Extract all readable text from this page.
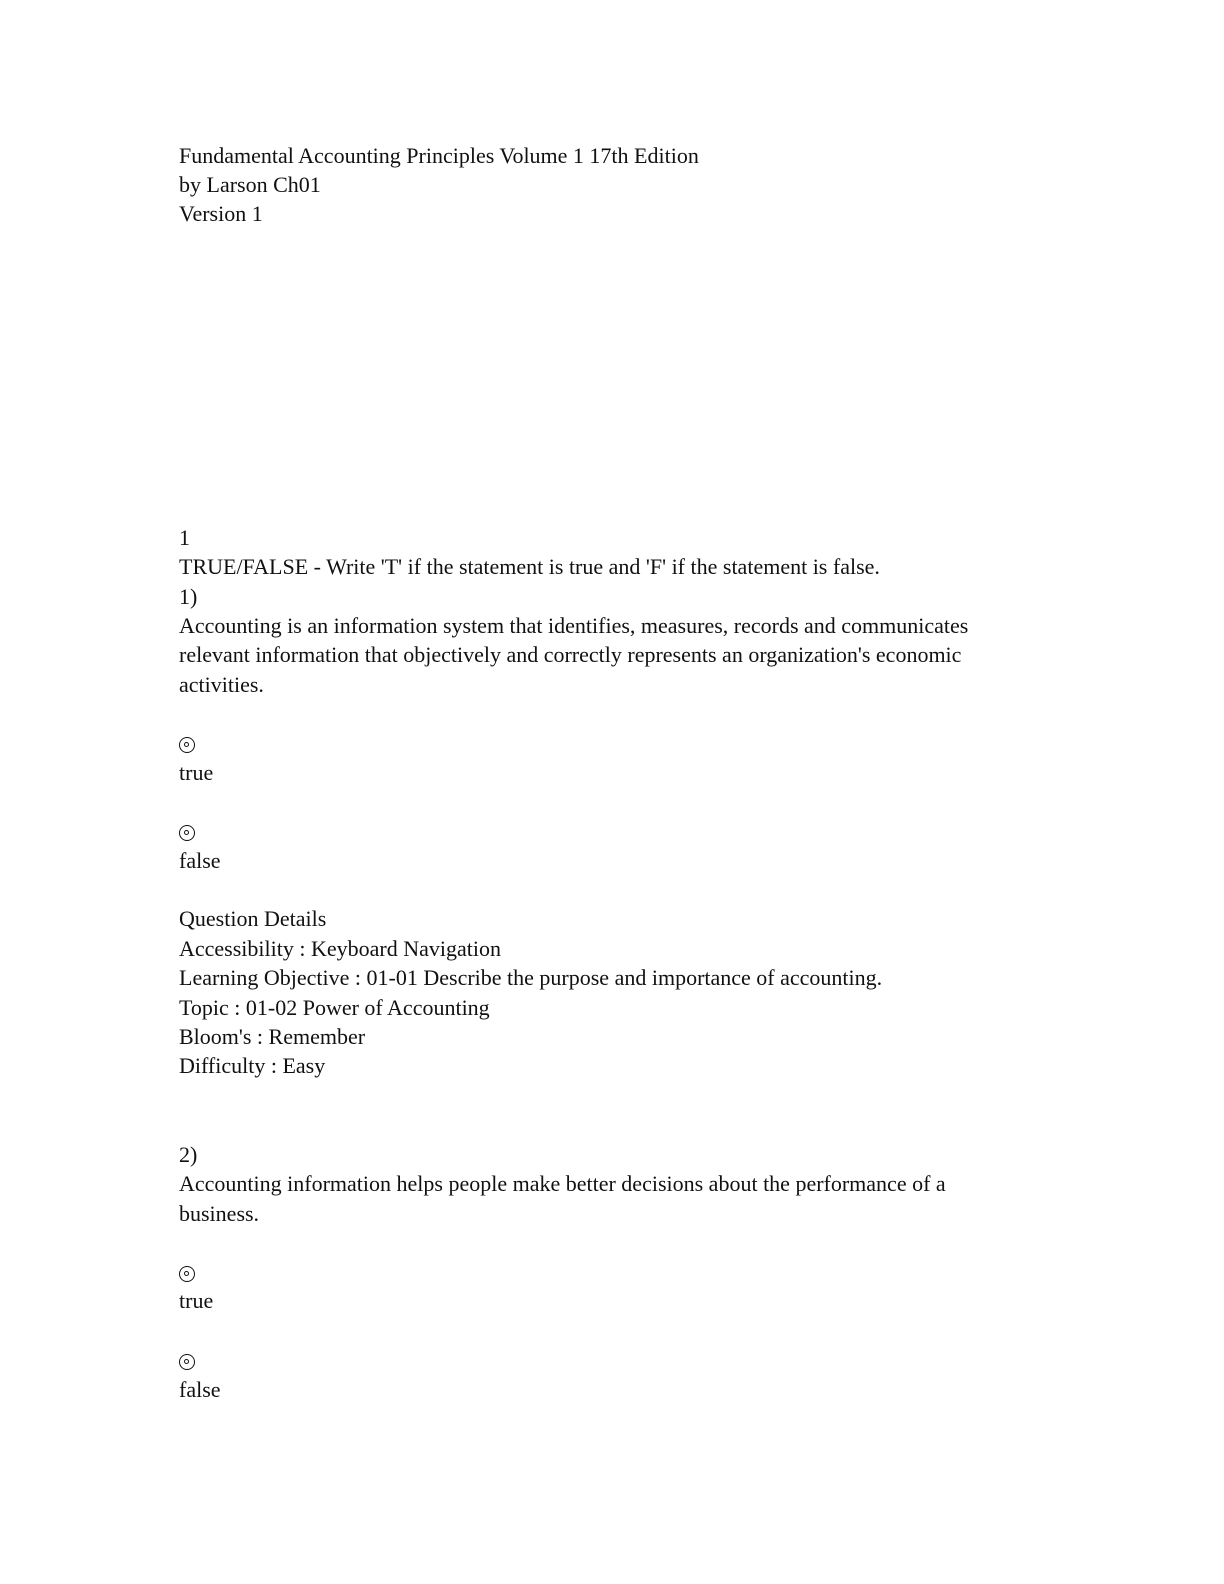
Fundamental Accounting Principles Volume 1 17th Edition
by Larson Ch01
Version 1
1
TRUE/FALSE - Write 'T' if the statement is true and 'F' if the statement is false.
1)
Accounting is an information system that identifies, measures, records and communicates
relevant information that objectively and correctly represents an organization's economic
activities.
true
false
Question Details
Accessibility : Keyboard Navigation
Learning Objective : 01-01 Describe the purpose and importance of accounting.
Topic : 01-02 Power of Accounting
Bloom's : Remember
Difficulty : Easy
2)
Accounting information helps people make better decisions about the performance of a
business.
true
false
